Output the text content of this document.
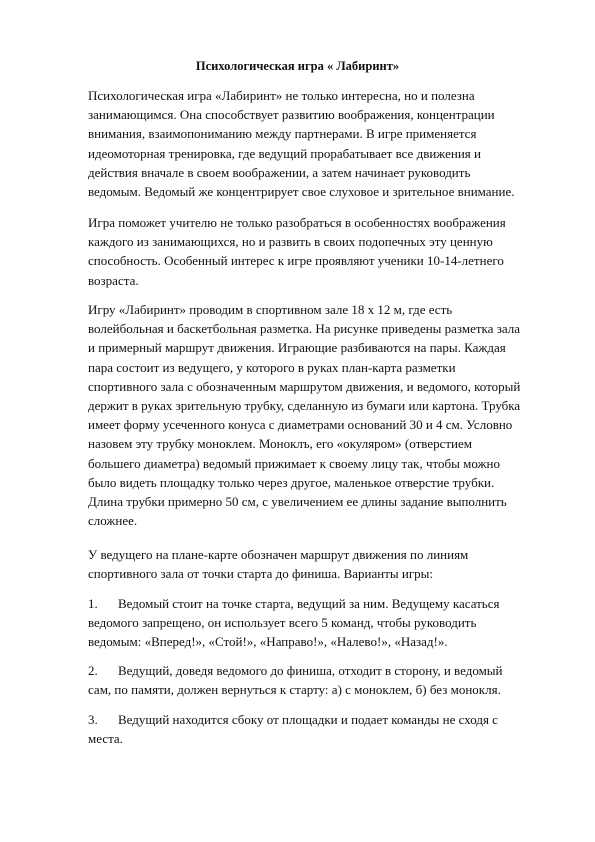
Психологическая игра « Лабиринт»
Психологическая игра «Лабиринт» не только интересна, но и полезна
занимающимся. Она способствует развитию воображения, концентрации
внимания, взаимопониманию между партнерами. В игре применяется
идеомоторная тренировка, где ведущий прорабатывает все движения и
действия вначале в своем воображении, а затем начинает руководить
ведомым. Ведомый же концентрирует свое слуховое и зрительное внимание.
Игра поможет учителю не только разобраться в особенностях воображения
каждого из занимающихся, но и развить в своих подопечных эту ценную
способность. Особенный интерес к игре проявляют ученики 10-14-летнего
возраста.
Игру «Лабиринт» проводим в спортивном зале 18 х 12 м, где есть
волейбольная и баскетбольная разметка. На рисунке приведены разметка зала
и примерный маршрут движения. Играющие разбиваются на пары. Каждая
пара состоит из ведущего, у которого в руках план-карта разметки
спортивного зала с обозначенным маршрутом движения, и ведомого, который
держит в руках зрительную трубку, сделанную из бумаги или картона. Трубка
имеет форму усеченного конуса с диаметрами оснований 30 и 4 см. Условно
назовем эту трубку моноклем. Моноклъ, его «окуляром» (отверстием
большего диаметра) ведомый прижимает к своему лицу так, чтобы можно
было видеть площадку только через другое, маленькое отверстие трубки.
Длина трубки примерно 50 см, с увеличением ее длины задание выполнить
сложнее.
У ведущего на плане-карте обозначен маршрут движения по линиям
спортивного зала от точки старта до финиша. Варианты игры:
1. Ведомый стоит на точке старта, ведущий за ним. Ведущему касаться
ведомого запрещено, он использует всего 5 команд, чтобы руководить
ведомым: «Вперед!», «Стой!», «Направо!», «Налево!», «Назад!».
2. Ведущий, доведя ведомого до финиша, отходит в сторону, и ведомый
сам, по памяти, должен вернуться к старту: а) с моноклем, б) без монокля.
3. Ведущий находится сбоку от площадки и подает команды не сходя с
места.
